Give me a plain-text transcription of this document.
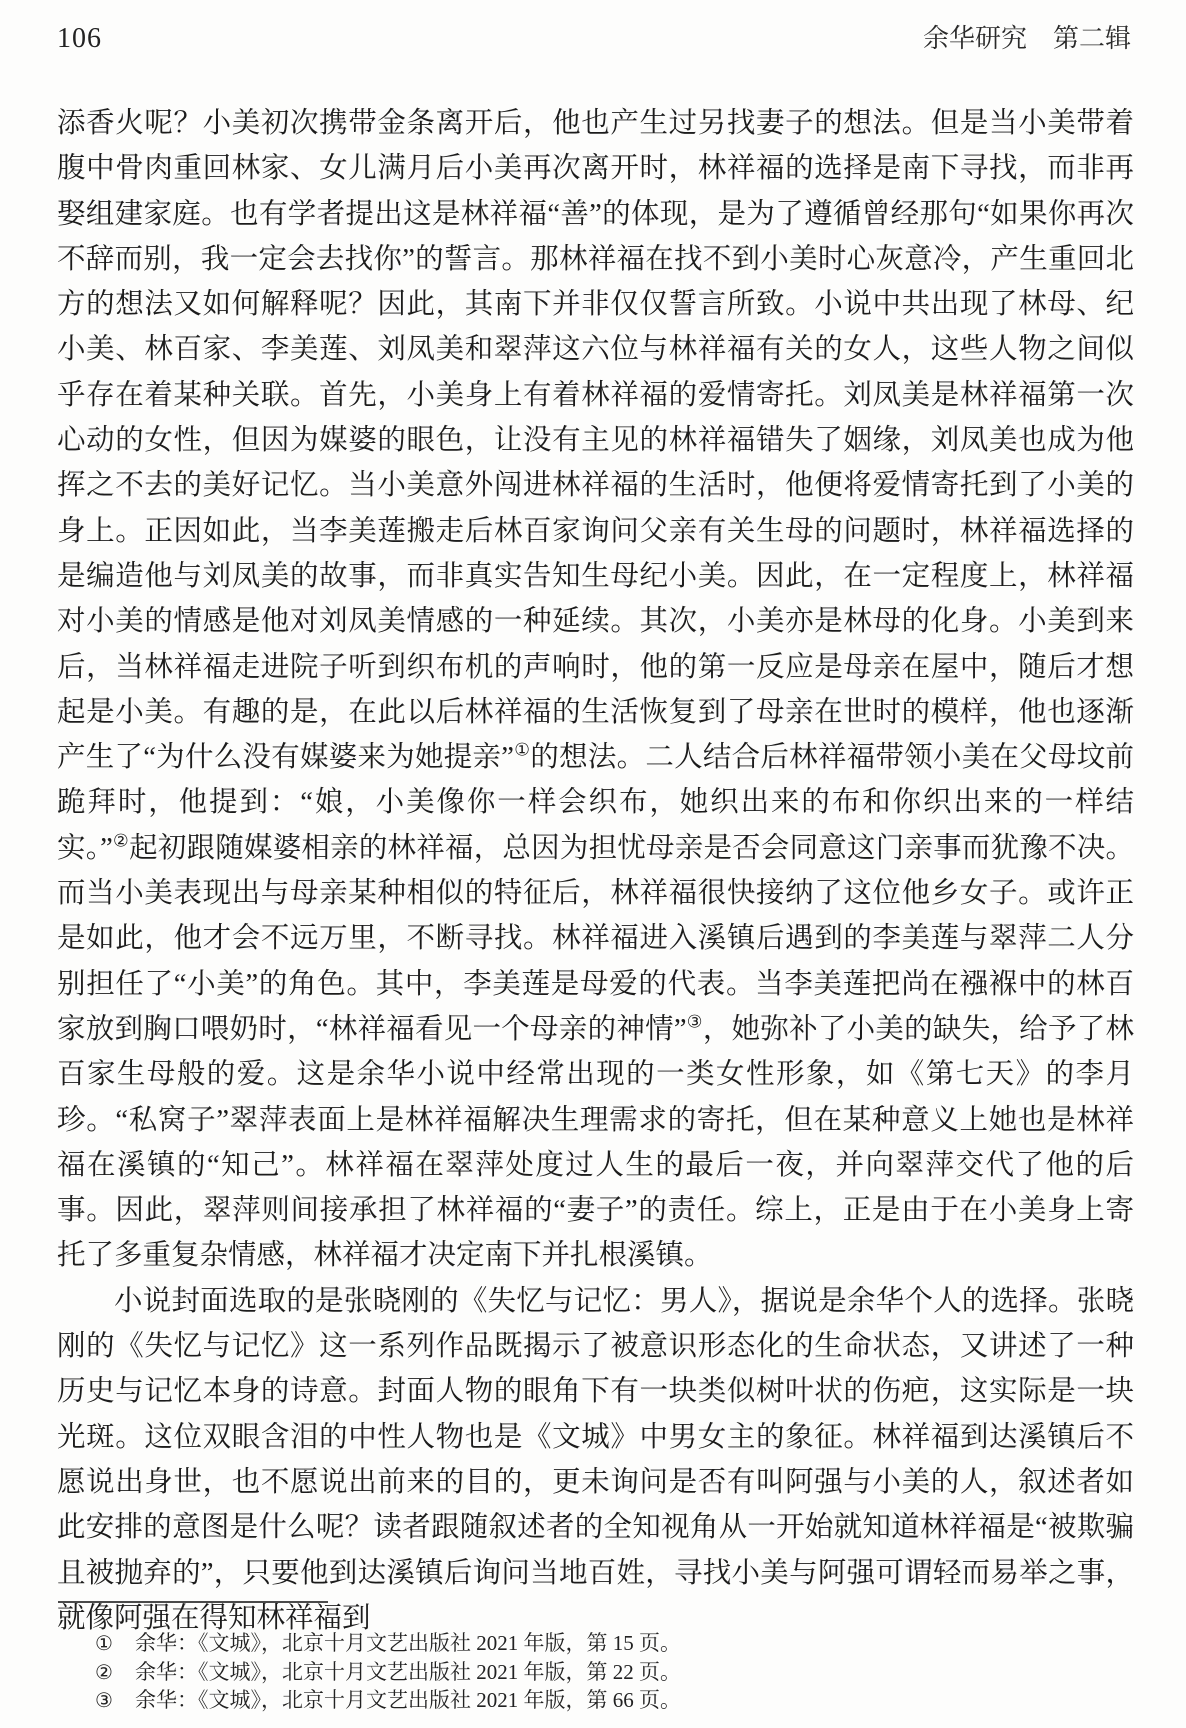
106	余华研究　第二辑

添香火呢？小美初次携带金条离开后，他也产生过另找妻子的想法。但是当小美带着腹中骨肉重回林家、女儿满月后小美再次离开时，林祥福的选择是南下寻找，而非再娶组建家庭。也有学者提出这是林祥福“善”的体现，是为了遵循曾经那句“如果你再次不辞而别，我一定会去找你”的誓言。那林祥福在找不到小美时心灰意冷，产生重回北方的想法又如何解释呢？因此，其南下并非仅仅誓言所致。小说中共出现了林母、纪小美、林百家、李美莲、刘凤美和翠萍这六位与林祥福有关的女人，这些人物之间似乎存在着某种关联。首先，小美身上有着林祥福的爱情寄托。刘凤美是林祥福第一次心动的女性，但因为媒婆的眼色，让没有主见的林祥福错失了姻缘，刘凤美也成为他挥之不去的美好记忆。当小美意外闯进林祥福的生活时，他便将爱情寄托到了小美的身上。正因如此，当李美莲搬走后林百家询问父亲有关生母的问题时，林祥福选择的是编造他与刘凤美的故事，而非真实告知生母纪小美。因此，在一定程度上，林祥福对小美的情感是他对刘凤美情感的一种延续。其次，小美亦是林母的化身。小美到来后，当林祥福走进院子听到织布机的声响时，他的第一反应是母亲在屋中，随后才想起是小美。有趣的是，在此以后林祥福的生活恢复到了母亲在世时的模样，他也逐渐产生了“为什么没有媒婆来为她提亲”①的想法。二人结合后林祥福带领小美在父母坟前跪拜时，他提到：“娘，小美像你一样会织布，她织出来的布和你织出来的一样结实。”②起初跟随媒婆相亲的林祥福，总因为担忧母亲是否会同意这门亲事而犹豫不决。而当小美表现出与母亲某种相似的特征后，林祥福很快接纳了这位他乡女子。或许正是如此，他才会不远万里，不断寻找。林祥福进入溪镇后遇到的李美莲与翠萍二人分别担任了“小美”的角色。其中，李美莲是母爱的代表。当李美莲把尚在襁褓中的林百家放到胸口喂奶时，“林祥福看见一个母亲的神情”③，她弥补了小美的缺失，给予了林百家生母般的爱。这是余华小说中经常出现的一类女性形象，如《第七天》的李月珍。“私窝子”翠萍表面上是林祥福解决生理需求的寄托，但在某种意义上她也是林祥福在溪镇的“知己”。林祥福在翠萍处度过人生的最后一夜，并向翠萍交代了他的后事。因此，翠萍则间接承担了林祥福的“妻子”的责任。综上，正是由于在小美身上寄托了多重复杂情感，林祥福才决定南下并扎根溪镇。

小说封面选取的是张晓刚的《失忆与记忆：男人》，据说是余华个人的选择。张晓刚的《失忆与记忆》这一系列作品既揭示了被意识形态化的生命状态，又讲述了一种历史与记忆本身的诗意。封面人物的眼角下有一块类似树叶状的伤疤，这实际是一块光斑。这位双眼含泪的中性人物也是《文城》中男女主的象征。林祥福到达溪镇后不愿说出身世，也不愿说出前来的目的，更未询问是否有叫阿强与小美的人，叙述者如此安排的意图是什么呢？读者跟随叙述者的全知视角从一开始就知道林祥福是“被欺骗且被抛弃的”，只要他到达溪镇后询问当地百姓，寻找小美与阿强可谓轻而易举之事，就像阿强在得知林祥福到

①	余华：《文城》，北京十月文艺出版社 2021 年版，第 15 页。
②	余华：《文城》，北京十月文艺出版社 2021 年版，第 22 页。
③	余华：《文城》，北京十月文艺出版社 2021 年版，第 66 页。
